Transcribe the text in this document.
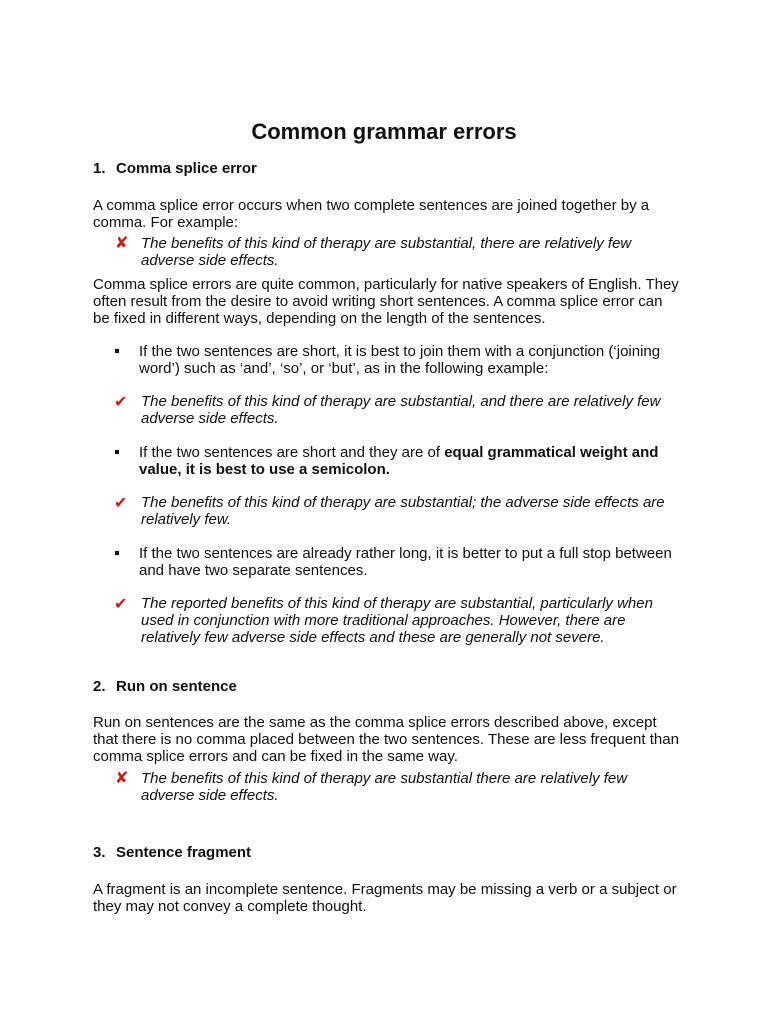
Common grammar errors
1. Comma splice error
A comma splice error occurs when two complete sentences are joined together by a comma. For example:
✘ The benefits of this kind of therapy are substantial, there are relatively few adverse side effects.
Comma splice errors are quite common, particularly for native speakers of English. They often result from the desire to avoid writing short sentences. A comma splice error can be fixed in different ways, depending on the length of the sentences.
If the two sentences are short, it is best to join them with a conjunction (‘joining word’) such as ‘and’, ‘so’, or ‘but’, as in the following example:
✔ The benefits of this kind of therapy are substantial, and there are relatively few adverse side effects.
If the two sentences are short and they are of equal grammatical weight and value, it is best to use a semicolon.
✔ The benefits of this kind of therapy are substantial; the adverse side effects are relatively few.
If the two sentences are already rather long, it is better to put a full stop between and have two separate sentences.
✔ The reported benefits of this kind of therapy are substantial, particularly when used in conjunction with more traditional approaches. However, there are relatively few adverse side effects and these are generally not severe.
2. Run on sentence
Run on sentences are the same as the comma splice errors described above, except that there is no comma placed between the two sentences. These are less frequent than comma splice errors and can be fixed in the same way.
✘ The benefits of this kind of therapy are substantial there are relatively few adverse side effects.
3. Sentence fragment
A fragment is an incomplete sentence. Fragments may be missing a verb or a subject or they may not convey a complete thought.
